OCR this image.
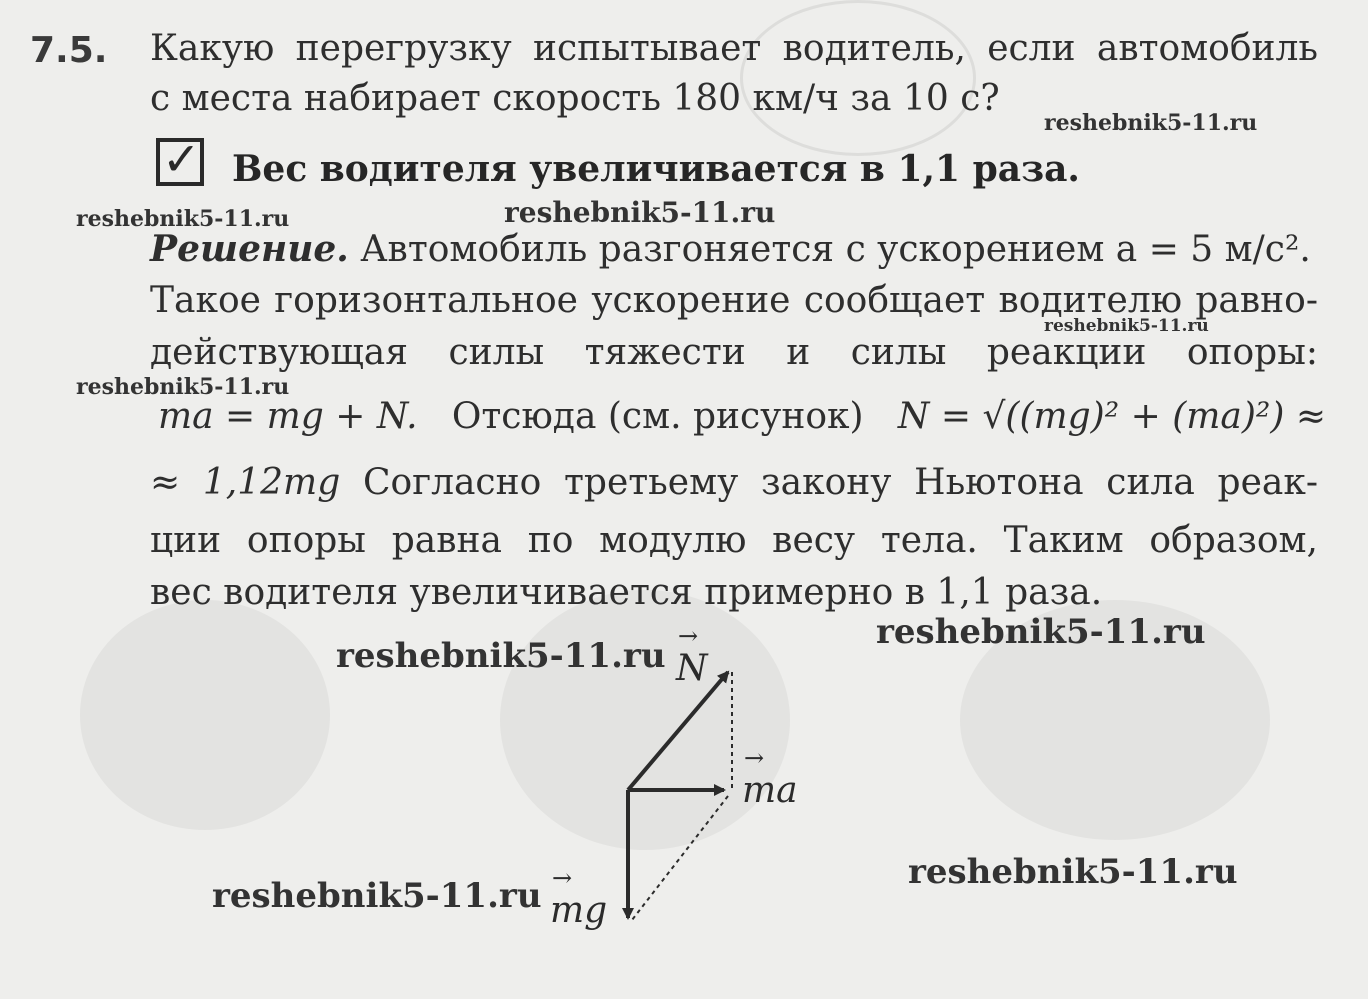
7.5. Какую перегрузку испытывает водитель, если автомобиль
с места набирает скорость 180 км/ч за 10 с?
✓ Вес водителя увеличивается в 1,1 раза.
Решение. Автомобиль разгоняется с ускорением a = 5 м/с².
Такое горизонтальное ускорение сообщает водителю равно-
действующая силы тяжести и силы реакции опоры:
ma = mg + N. Отсюда (см. рисунок) N = √((mg)² + (ma)²) ≈
≈ 1,12mg Согласно третьему закону Ньютона сила реак-
ции опоры равна по модулю весу тела. Таким образом,
вес водителя увеличивается примерно в 1,1 раза.
→ N
→ ma
→ mg
reshebnik5-11.ru
reshebnik5-11.ru	reshebnik5-11.ru
reshebnik5-11.ru
reshebnik5-11.ru
reshebnik5-11.ru
reshebnik5-11.ru
reshebnik5-11.ru
reshebnik5-11.ru
